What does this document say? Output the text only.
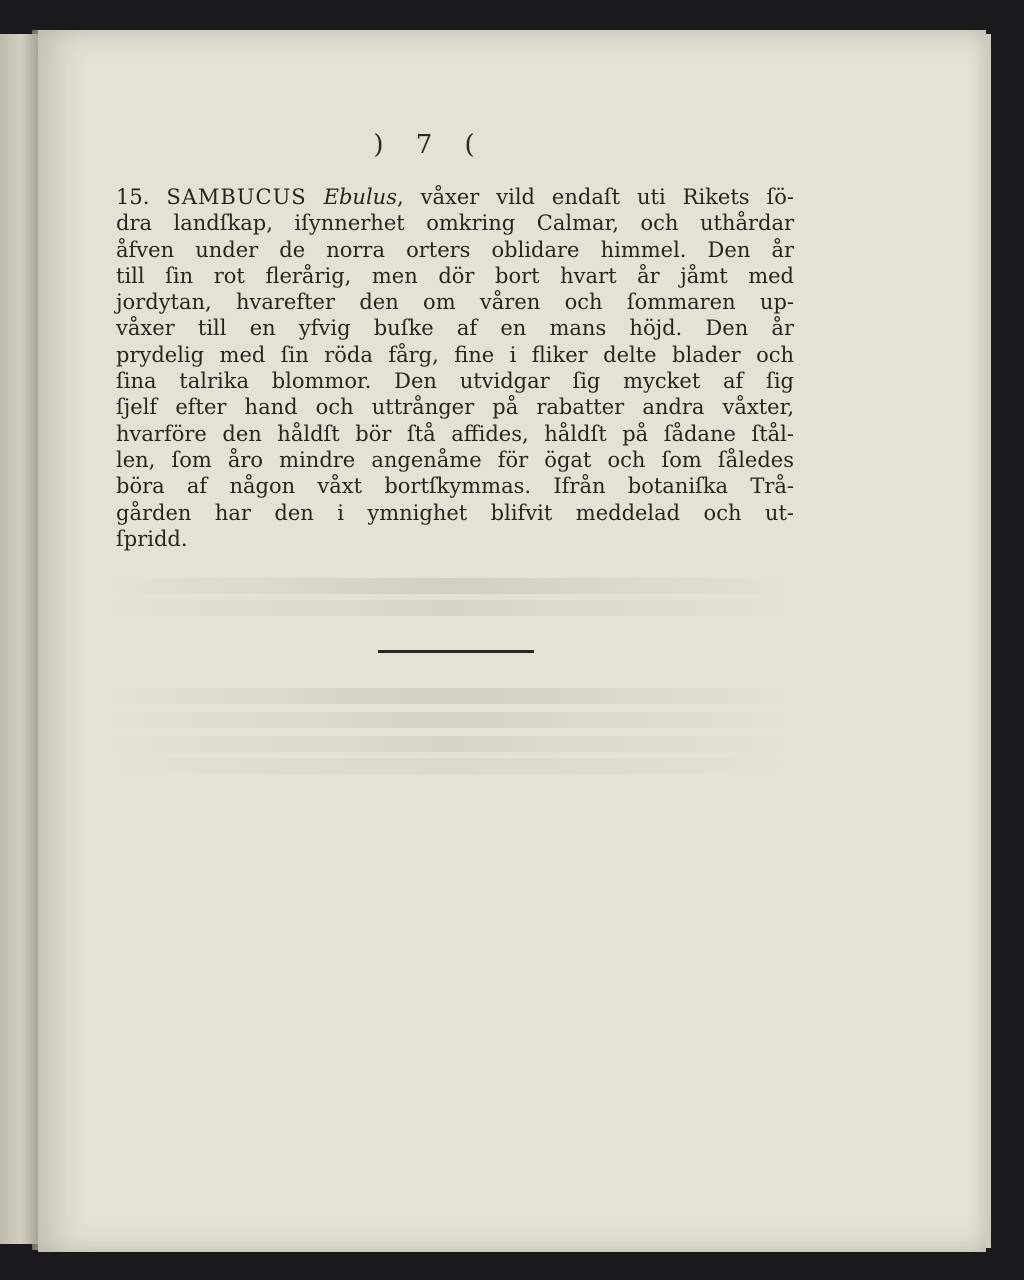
) 7 (
15. SAMBUCUS Ebulus, våxer vild endaſt uti Rikets ſö-
dra landſkap, iſynnerhet omkring Calmar, och uthårdar
åfven under de norra orters oblidare himmel. Den år
till ſin rot flerårig, men dör bort hvart år jåmt med
jordytan, hvarefter den om våren och ſommaren up-
våxer till en yfvig buſke af en mans höjd. Den år
prydelig med ſin röda fårg, fine i fliker delte blader och
ſina talrika blommor. Den utvidgar ſig mycket af ſig
ſjelf efter hand och uttrånger på rabatter andra våxter,
hvarföre den håldſt bör ſtå affides, håldſt på ſådane ſtål-
len, ſom åro mindre angenåme för ögat och ſom ſåledes
böra af någon våxt bortſkymmas. Ifrån botaniſka Trå-
gården har den i ymnighet blifvit meddelad och ut-
ſpridd.
